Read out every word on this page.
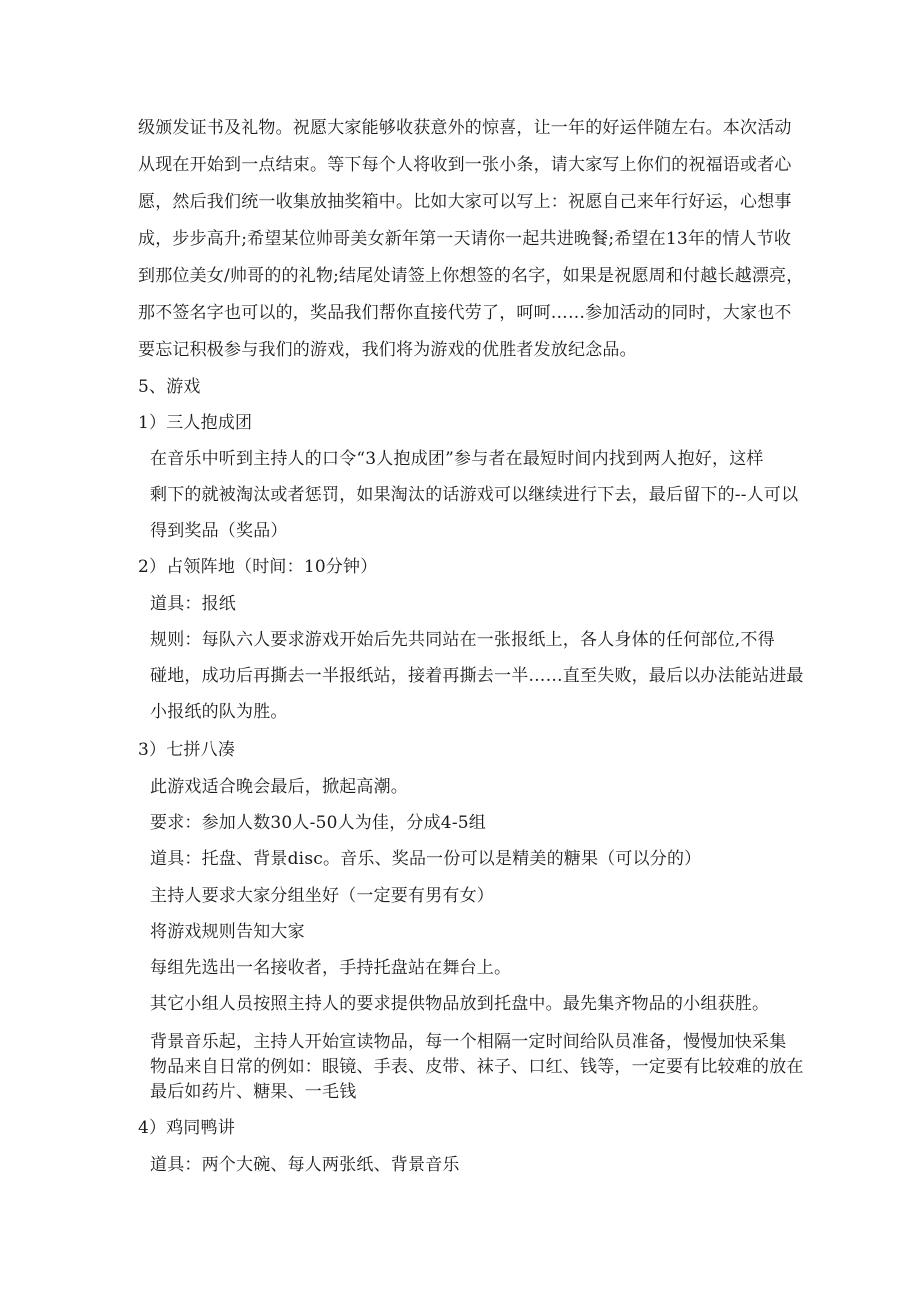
级颁发证书及礼物。祝愿大家能够收获意外的惊喜，让一年的好运伴随左右。本次活动
从现在开始到一点结束。等下每个人将收到一张小条，请大家写上你们的祝福语或者心
愿，然后我们统一收集放抽奖箱中。比如大家可以写上：祝愿自己来年行好运，心想事
成，步步高升;希望某位帅哥美女新年第一天请你一起共进晚餐;希望在13年的情人节收
到那位美女/帅哥的的礼物;结尾处请签上你想签的名字，如果是祝愿周和付越长越漂亮，
那不签名字也可以的，奖品我们帮你直接代劳了，呵呵……参加活动的同时，大家也不
要忘记积极参与我们的游戏，我们将为游戏的优胜者发放纪念品。
5、游戏
1）三人抱成团
在音乐中听到主持人的口令“3人抱成团”参与者在最短时间内找到两人抱好，这样
剩下的就被淘汰或者惩罚，如果淘汰的话游戏可以继续进行下去，最后留下的--人可以
得到奖品（奖品）
2）占领阵地（时间：10分钟）
道具：报纸
规则：每队六人要求游戏开始后先共同站在一张报纸上，各人身体的任何部位,不得
碰地，成功后再撕去一半报纸站，接着再撕去一半……直至失败，最后以办法能站进最
小报纸的队为胜。
3）七拼八凑
此游戏适合晚会最后，掀起高潮。
要求：参加人数30人-50人为佳，分成4-5组
道具：托盘、背景disc。音乐、奖品一份可以是精美的糖果（可以分的）
主持人要求大家分组坐好（一定要有男有女）
将游戏规则告知大家
每组先选出一名接收者，手持托盘站在舞台上。
其它小组人员按照主持人的要求提供物品放到托盘中。最先集齐物品的小组获胜。
背景音乐起，主持人开始宣读物品，每一个相隔一定时间给队员准备，慢慢加快采集
物品来自日常的例如：眼镜、手表、皮带、袜子、口红、钱等，一定要有比较难的放在
最后如药片、糖果、一毛钱
4）鸡同鸭讲
道具：两个大碗、每人两张纸、背景音乐
